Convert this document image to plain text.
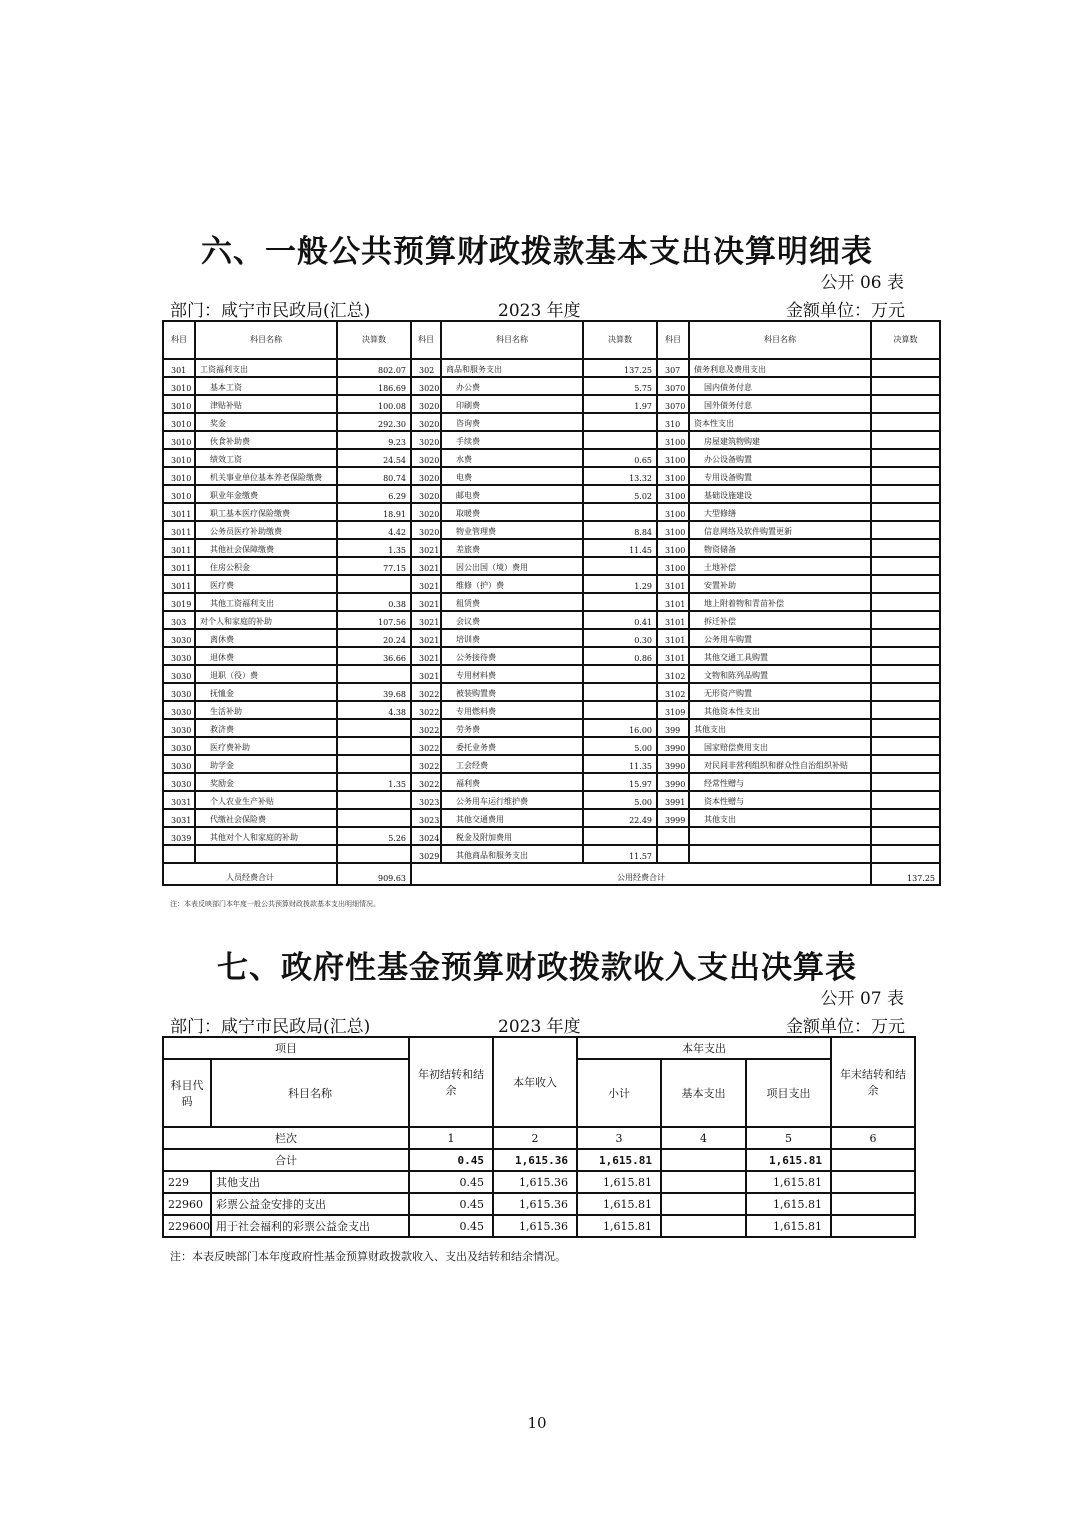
六、一般公共预算财政拨款基本支出决算明细表
公开 06 表
部门：咸宁市民政局(汇总)	2023 年度	金额单位：万元
科目	科目名称	决算数	科目	科目名称	决算数	科目	科目名称	决算数
301	工资福利支出	802.07	302	商品和服务支出	137.25	307	债务利息及费用支出	
3010	基本工资	186.69	3020	办公费	5.75	3070	国内债务付息	
3010	津贴补贴	100.08	3020	印刷费	1.97	3070	国外债务付息	
3010	奖金	292.30	3020	咨询费		310	资本性支出	
3010	伙食补助费	9.23	3020	手续费		3100	房屋建筑物购建	
3010	绩效工资	24.54	3020	水费	0.65	3100	办公设备购置	
3010	机关事业单位基本养老保险缴费	80.74	3020	电费	13.32	3100	专用设备购置	
3010	职业年金缴费	6.29	3020	邮电费	5.02	3100	基础设施建设	
3011	职工基本医疗保险缴费	18.91	3020	取暖费		3100	大型修缮	
3011	公务员医疗补助缴费	4.42	3020	物业管理费	8.84	3100	信息网络及软件购置更新	
3011	其他社会保障缴费	1.35	3021	差旅费	11.45	3100	物资储备	
3011	住房公积金	77.15	3021	因公出国（境）费用		3100	土地补偿	
3011	医疗费		3021	维修（护）费	1.29	3101	安置补助	
3019	其他工资福利支出	0.38	3021	租赁费		3101	地上附着物和青苗补偿	
303	对个人和家庭的补助	107.56	3021	会议费	0.41	3101	拆迁补偿	
3030	离休费	20.24	3021	培训费	0.30	3101	公务用车购置	
3030	退休费	36.66	3021	公务接待费	0.86	3101	其他交通工具购置	
3030	退职（役）费		3021	专用材料费		3102	文物和陈列品购置	
3030	抚恤金	39.68	3022	被装购置费		3102	无形资产购置	
3030	生活补助	4.38	3022	专用燃料费		3109	其他资本性支出	
3030	救济费		3022	劳务费	16.00	399	其他支出	
3030	医疗费补助		3022	委托业务费	5.00	3990	国家赔偿费用支出	
3030	助学金		3022	工会经费	11.35	3990	对民间非营利组织和群众性自治组织补贴	
3030	奖励金	1.35	3022	福利费	15.97	3990	经常性赠与	
3031	个人农业生产补贴		3023	公务用车运行维护费	5.00	3991	资本性赠与	
3031	代缴社会保险费		3023	其他交通费用	22.49	3999	其他支出	
3039	其他对个人和家庭的补助	5.26	3024	税金及附加费用				
			3029	其他商品和服务支出	11.57			
人员经费合计		909.63	公用经费合计					137.25
注：本表反映部门本年度一般公共预算财政拨款基本支出明细情况。
七、政府性基金预算财政拨款收入支出决算表
公开 07 表
部门：咸宁市民政局(汇总)	2023 年度	金额单位：万元
项目		年初结转和结余	本年收入	本年支出			年末结转和结余
科目代码	科目名称			小计	基本支出	项目支出	
栏次		1	2	3	4	5	6
合计		0.45	1,615.36	1,615.81		1,615.81	
229	其他支出	0.45	1,615.36	1,615.81		1,615.81	
22960	彩票公益金安排的支出	0.45	1,615.36	1,615.81		1,615.81	
229600	用于社会福利的彩票公益金支出	0.45	1,615.36	1,615.81		1,615.81	
注：本表反映部门本年度政府性基金预算财政拨款收入、支出及结转和结余情况。
10
